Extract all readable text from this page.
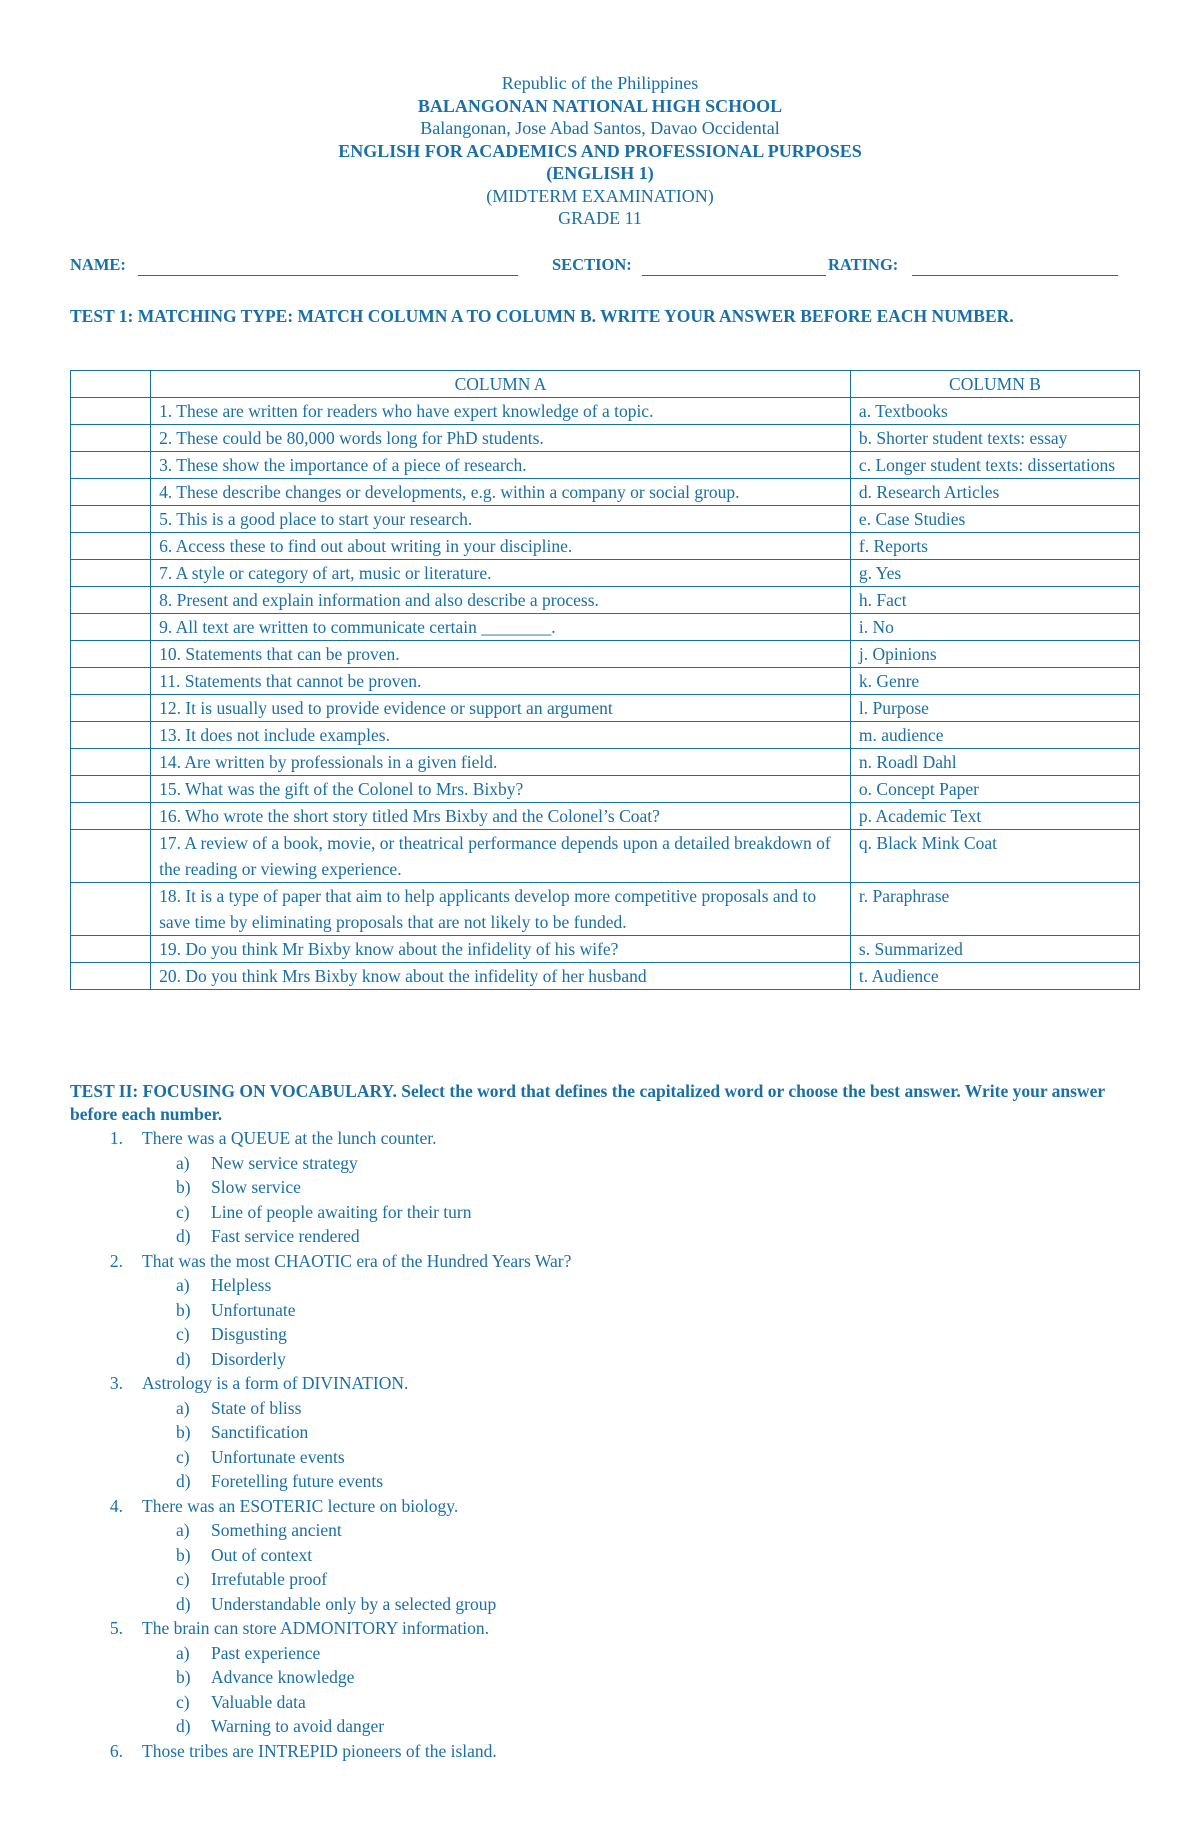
Republic of the Philippines
BALANGONAN NATIONAL HIGH SCHOOL
Balangonan, Jose Abad Santos, Davao Occidental
ENGLISH FOR ACADEMICS AND PROFESSIONAL PURPOSES
(ENGLISH 1)
(MIDTERM EXAMINATION)
GRADE 11
NAME:	SECTION:	RATING:
TEST 1: MATCHING TYPE: MATCH COLUMN A TO COLUMN B. WRITE YOUR ANSWER BEFORE EACH NUMBER.
	COLUMN A	COLUMN B
	1. These are written for readers who have expert knowledge of a topic.	a. Textbooks
	2. These could be 80,000 words long for PhD students.	b. Shorter student texts: essay
	3. These show the importance of a piece of research.	c. Longer student texts: dissertations
	4. These describe changes or developments, e.g. within a company or social group.	d. Research Articles
	5. This is a good place to start your research.	e. Case Studies
	6. Access these to find out about writing in your discipline.	f. Reports
	7. A style or category of art, music or literature.	g. Yes
	8. Present and explain information and also describe a process.	h. Fact
	9. All text are written to communicate certain ________.	i. No
	10. Statements that can be proven.	j. Opinions
	11. Statements that cannot be proven.	k. Genre
	12. It is usually used to provide evidence or support an argument	l. Purpose
	13. It does not include examples.	m. audience
	14. Are written by professionals in a given field.	n. Roadl Dahl
	15. What was the gift of the Colonel to Mrs. Bixby?	o. Concept Paper
	16. Who wrote the short story titled Mrs Bixby and the Colonel’s Coat?	p. Academic Text
	17. A review of a book, movie, or theatrical performance depends upon a detailed breakdown of the reading or viewing experience.	q. Black Mink Coat
	18. It is a type of paper that aim to help applicants develop more competitive proposals and to save time by eliminating proposals that are not likely to be funded.	r. Paraphrase
	19. Do you think Mr Bixby know about the infidelity of his wife?	s. Summarized
	20. Do you think Mrs Bixby know about the infidelity of her husband	t. Audience
TEST II: FOCUSING ON VOCABULARY. Select the word that defines the capitalized word or choose the best answer. Write your answer before each number.
1. There was a QUEUE at the lunch counter.
a) New service strategy
b) Slow service
c) Line of people awaiting for their turn
d) Fast service rendered
2. That was the most CHAOTIC era of the Hundred Years War?
a) Helpless
b) Unfortunate
c) Disgusting
d) Disorderly
3. Astrology is a form of DIVINATION.
a) State of bliss
b) Sanctification
c) Unfortunate events
d) Foretelling future events
4. There was an ESOTERIC lecture on biology.
a) Something ancient
b) Out of context
c) Irrefutable proof
d) Understandable only by a selected group
5. The brain can store ADMONITORY information.
a) Past experience
b) Advance knowledge
c) Valuable data
d) Warning to avoid danger
6. Those tribes are INTREPID pioneers of the island.
